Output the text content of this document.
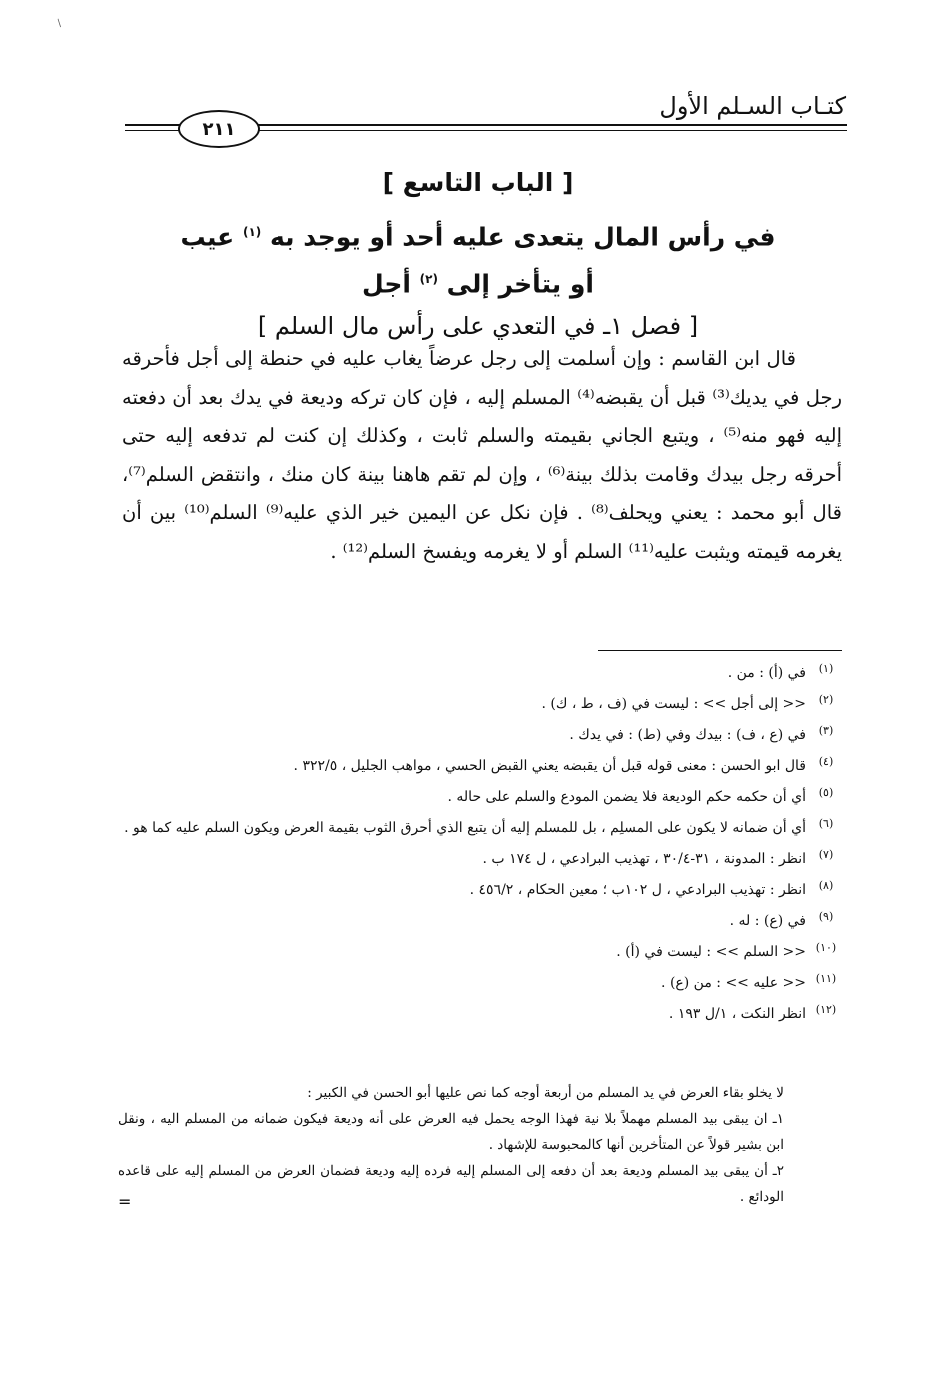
/
كتـاب السـلم الأول
٢١١

[ الباب التاسع ]

في رأس المال يتعدى عليه أحد أو يوجد به $^{(١)}$ عيب

أو يتأخر إلى $^{(٢)}$ أجل

[ فصل ١ـ في التعدي على رأس مال السلم ]

قال ابن القاسم : وإن أسلمت إلى رجل عرضاً يغاب عليه في حنطة إلى أجل فأحرقه رجل في يديك⁽³⁾ قبل أن يقبضه⁽⁴⁾ المسلم إليه ، فإن كان تركه وديعة في يدك بعد أن دفعته إليه فهو منه⁽⁵⁾ ، ويتبع الجاني بقيمته والسلم ثابت ، وكذلك إن كنت لم تدفعه إليه حتى أحرقه رجل بيدك وقامت بذلك بينة⁽⁶⁾ ، وإن لم تقم هاهنا بينة كان منك ، وانتقض السلم⁽⁷⁾، قال أبو محمد : يعني ويحلف⁽⁸⁾ . فإن نكل عن اليمين خير الذي عليه⁽⁹⁾ السلم⁽¹⁰⁾ بين أن يغرمه قيمته ويثبت عليه⁽¹¹⁾ السلم أو لا يغرمه ويفسخ السلم⁽¹²⁾ .

(١)
في (أ) : من .
(٢)
<< إلى أجل >> : ليست في (ف ، ط ، ك) .
(٣)
في (ع ، ف) : بيدك وفي (ط) : في يدك .
(٤)
قال ابو الحسن : معنى قوله قبل أن يقبضه يعني القبض الحسي ، مواهب الجليل ، ٣٢٢/٥ .
(٥)
أي أن حكمه حكم الوديعة فلا يضمن المودع والسلم على حاله .
(٦)
أي أن ضمانه لا يكون على المسلِم ، بل للمسلم إليه أن يتبع الذي أحرق الثوب بقيمة العرض ويكون السلم عليه كما هو .
(٧)
انظر : المدونة ، ٣١-٣٠/٤ ، تهذيب البرادعي ، ل ١٧٤ ب .
(٨)
انظر : تهذيب البرادعي ، ل ١٠٢ب ؛ معين الحكام ، ٤٥٦/٢ .
(٩)
في (ع) : له .
(١٠)
<< السلم >> : ليست في (أ) .
(١١)
<< عليه >> : من (ع) .
(١٢)
انظر النكت ، ١/ل ١٩٣ .

لا يخلو بقاء العرض في يد المسلم من أربعة أوجه كما نص عليها أبو الحسن في الكبير :

١ـ ان يبقى بيد المسلم مهملاً بلا نية فهذا الوجه يحمل فيه العرض على أنه وديعة فيكون ضمانه من المسلم اليه ، ونقل ابن بشير قولاً عن المتأخرين أنها كالمحبوسة للإشهاد .

٢ـ أن يبقى بيد المسلم وديعة بعد أن دفعه إلى المسلم إليه فرده إليه وديعة فضمان العرض من المسلم إليه على قاعده الودائع .

=
